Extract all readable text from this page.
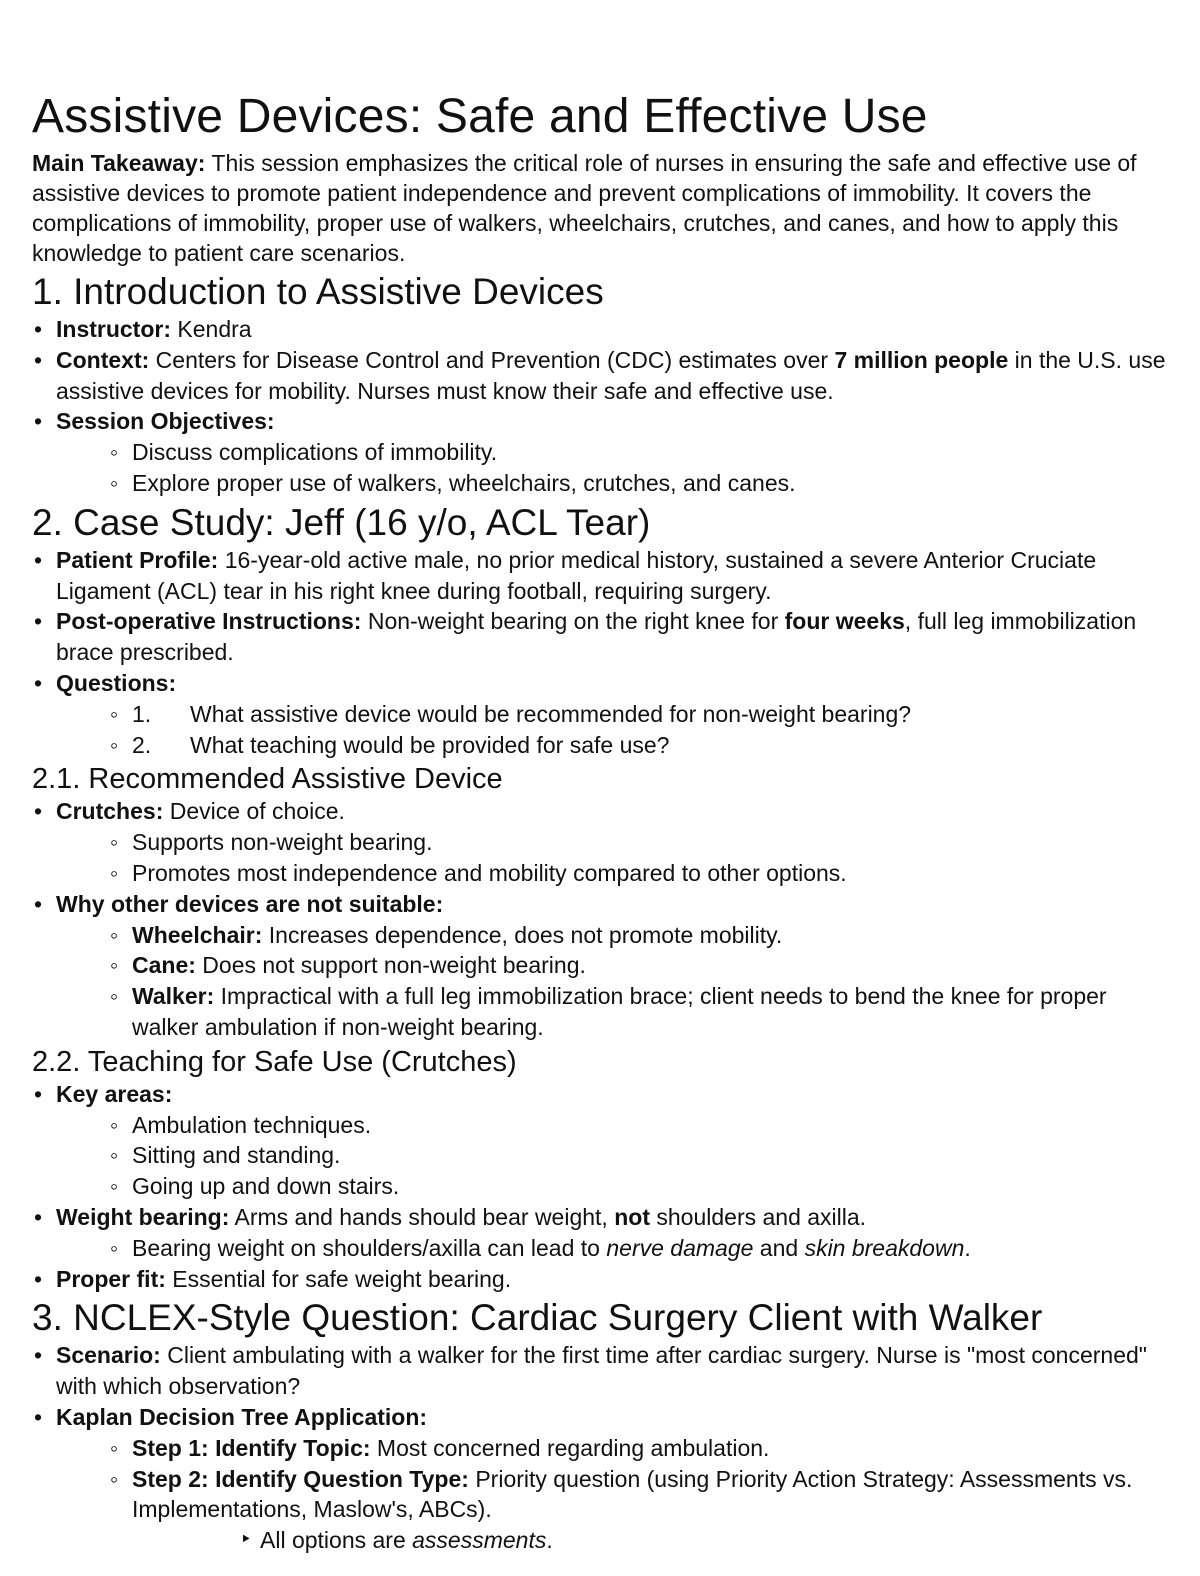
Assistive Devices: Safe and Effective Use

Main Takeaway: This session emphasizes the critical role of nurses in ensuring the safe and effective use of assistive devices to promote patient independence and prevent complications of immobility. It covers the complications of immobility, proper use of walkers, wheelchairs, crutches, and canes, and how to apply this knowledge to patient care scenarios.

1. Introduction to Assistive Devices
• Instructor: Kendra
• Context: Centers for Disease Control and Prevention (CDC) estimates over 7 million people in the U.S. use assistive devices for mobility. Nurses must know their safe and effective use.
• Session Objectives:
◦ Discuss complications of immobility.
◦ Explore proper use of walkers, wheelchairs, crutches, and canes.
2. Case Study: Jeff (16 y/o, ACL Tear)
• Patient Profile: 16-year-old active male, no prior medical history, sustained a severe Anterior Cruciate Ligament (ACL) tear in his right knee during football, requiring surgery.
• Post-operative Instructions: Non-weight bearing on the right knee for four weeks, full leg immobilization brace prescribed.
• Questions:
◦ 1. What assistive device would be recommended for non-weight bearing?
◦ 2. What teaching would be provided for safe use?
2.1. Recommended Assistive Device
• Crutches: Device of choice.
◦ Supports non-weight bearing.
◦ Promotes most independence and mobility compared to other options.
• Why other devices are not suitable:
◦ Wheelchair: Increases dependence, does not promote mobility.
◦ Cane: Does not support non-weight bearing.
◦ Walker: Impractical with a full leg immobilization brace; client needs to bend the knee for proper walker ambulation if non-weight bearing.
2.2. Teaching for Safe Use (Crutches)
• Key areas:
◦ Ambulation techniques.
◦ Sitting and standing.
◦ Going up and down stairs.
• Weight bearing: Arms and hands should bear weight, not shoulders and axilla.
◦ Bearing weight on shoulders/axilla can lead to nerve damage and skin breakdown.
• Proper fit: Essential for safe weight bearing.
3. NCLEX-Style Question: Cardiac Surgery Client with Walker
• Scenario: Client ambulating with a walker for the first time after cardiac surgery. Nurse is "most concerned" with which observation?
• Kaplan Decision Tree Application:
◦ Step 1: Identify Topic: Most concerned regarding ambulation.
◦ Step 2: Identify Question Type: Priority question (using Priority Action Strategy: Assessments vs. Implementations, Maslow's, ABCs).
‣ All options are assessments.
